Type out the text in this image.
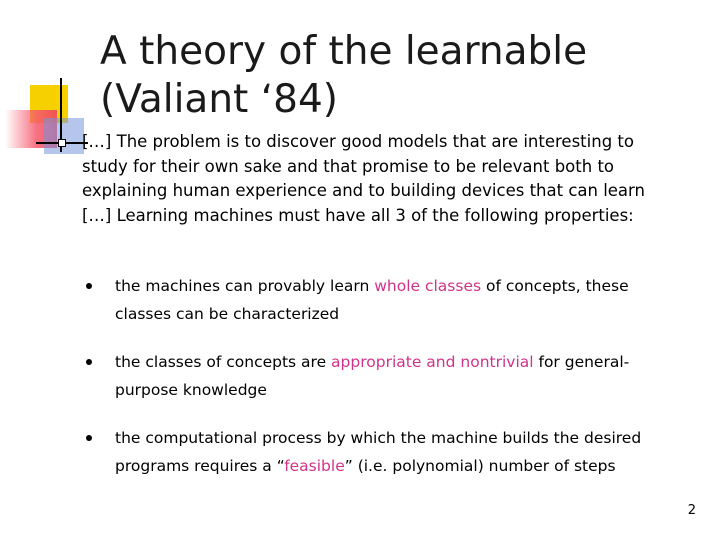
A theory of the learnable
(Valiant ‘84)

[…] The problem is to discover good models that are interesting to study for their own sake and that promise to be relevant both to explaining human experience and to building devices that can learn […] Learning machines must have all 3 of the following properties:

the machines can provably learn whole classes of concepts, these classes can be characterized
the classes of concepts are appropriate and nontrivial for general-purpose knowledge
the computational process by which the machine builds the desired programs requires a “feasible” (i.e. polynomial) number of steps
2
